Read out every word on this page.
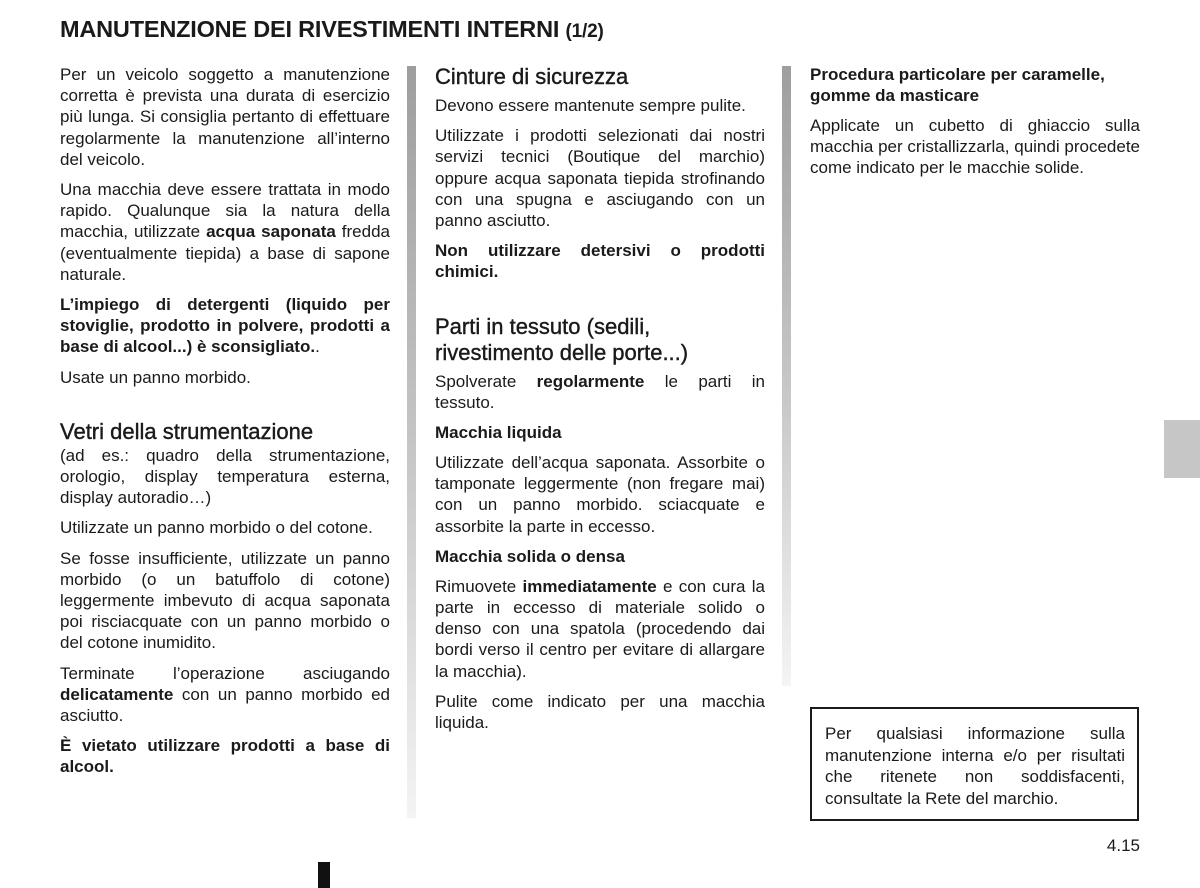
MANUTENZIONE DEI RIVESTIMENTI INTERNI (1/2)

Per un veicolo soggetto a manutenzione corretta è prevista una durata di esercizio più lunga. Si consiglia pertanto di effettuare regolarmente la manutenzione all’interno del veicolo.

Una macchia deve essere trattata in modo rapido. Qualunque sia la natura della macchia, utilizzate acqua saponata fredda (eventualmente tiepida) a base di sapone naturale.

L’impiego di detergenti (liquido per stoviglie, prodotto in polvere, prodotti a base di alcool...) è sconsigliato..

Usate un panno morbido.

Vetri della strumentazione

(ad es.: quadro della strumentazione, orologio, display temperatura esterna, display autoradio…)

Utilizzate un panno morbido o del cotone.

Se fosse insufficiente, utilizzate un panno morbido (o un batuffolo di cotone) leggermente imbevuto di acqua saponata poi risciacquate con un panno morbido o del cotone inumidito.

Terminate l’operazione asciugando delicatamente con un panno morbido ed asciutto.

È vietato utilizzare prodotti a base di alcool.

Cinture di sicurezza

Devono essere mantenute sempre pulite.

Utilizzate i prodotti selezionati dai nostri servizi tecnici (Boutique del marchio) oppure acqua saponata tiepida strofinando con una spugna e asciugando con un panno asciutto.

Non utilizzare detersivi o prodotti chimici.

Parti in tessuto (sedili, rivestimento delle porte...)

Spolverate regolarmente le parti in tessuto.

Macchia liquida

Utilizzate dell’acqua saponata. Assorbite o tamponate leggermente (non fregare mai) con un panno morbido. sciacquate e assorbite la parte in eccesso.

Macchia solida o densa

Rimuovete immediatamente e con cura la parte in eccesso di materiale solido o denso con una spatola (procedendo dai bordi verso il centro per evitare di allargare la macchia).

Pulite come indicato per una macchia liquida.

Procedura particolare per caramelle, gomme da masticare

Applicate un cubetto di ghiaccio sulla macchia per cristallizzarla, quindi procedete come indicato per le macchie solide.

Per qualsiasi informazione sulla manutenzione interna e/o per risultati che ritenete non soddisfacenti, consultate la Rete del marchio.
4.15
